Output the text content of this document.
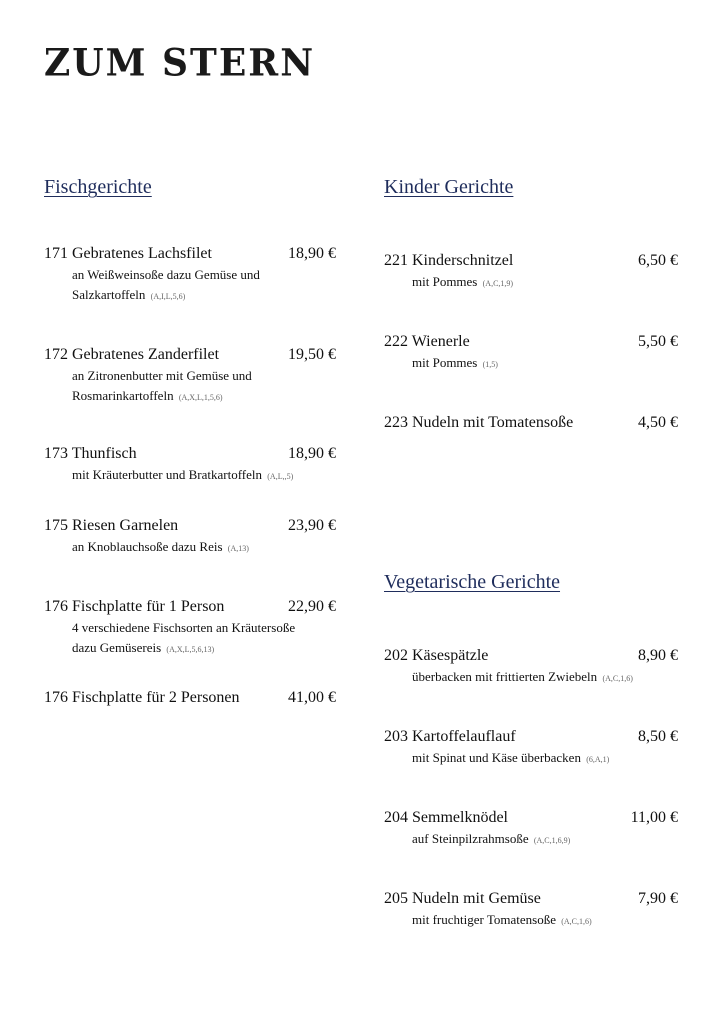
ZUM STERN
Fischgerichte
171 Gebratenes Lachsfilet	18,90 €
an Weißweinsoße dazu Gemüse und
Salzkartoffeln (A,I,L,5,6)
172 Gebratenes Zanderfilet	19,50 €
an Zitronenbutter mit Gemüse und
Rosmarinkartoffeln (A,X,L,1,5,6)
173 Thunfisch	18,90 €
mit Kräuterbutter und Bratkartoffeln (A,L,,5)
175 Riesen Garnelen	23,90 €
an Knoblauchsoße dazu Reis (A,13)
176 Fischplatte für 1 Person	22,90 €
4 verschiedene Fischsorten an Kräutersoße
dazu Gemüsereis (A,X,L,5,6,13)
176 Fischplatte für 2 Personen	41,00 €
Kinder Gerichte
221 Kinderschnitzel	6,50 €
mit Pommes (A,C,1,9)
222 Wienerle	5,50 €
mit Pommes (1,5)
223 Nudeln mit Tomatensoße	4,50 €
Vegetarische Gerichte
202 Käsespätzle	8,90 €
überbacken mit frittierten Zwiebeln (A,C,1,6)
203 Kartoffelauflauf	8,50 €
mit Spinat und Käse überbacken (6,A,1)
204 Semmelknödel	11,00 €
auf Steinpilzrahmsoße (A,C,1,6,9)
205 Nudeln mit Gemüse	7,90 €
mit fruchtiger Tomatensoße (A,C,1,6)
